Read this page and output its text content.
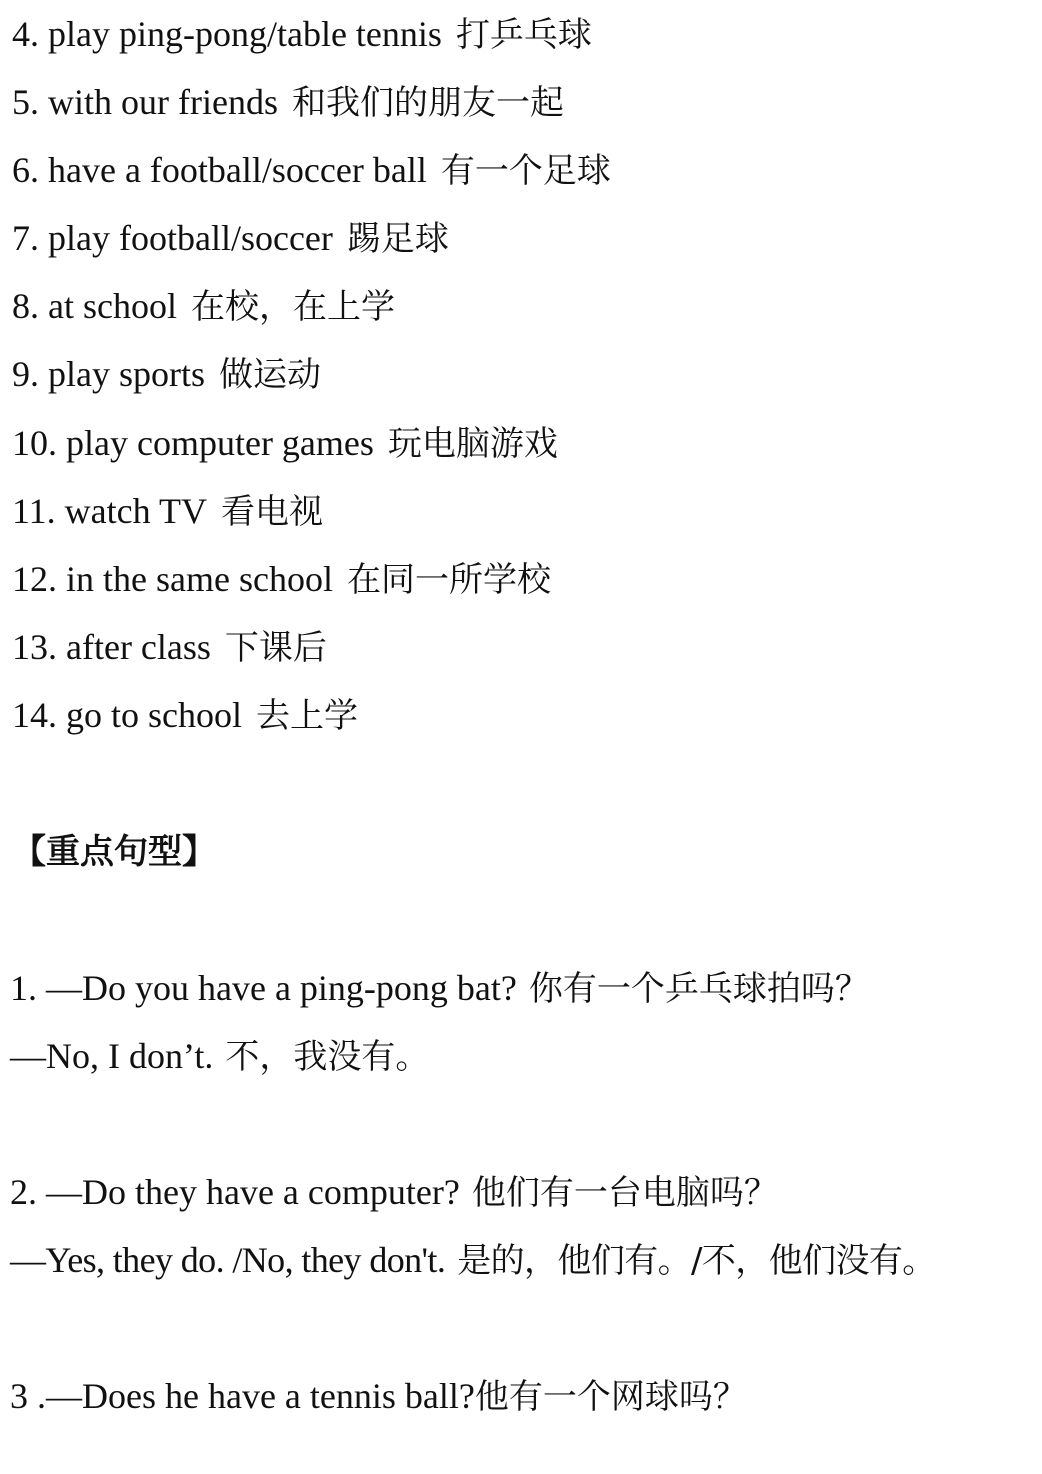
4. play ping-pong/table tennis 打乒乓球
5. with our friends 和我们的朋友一起
6. have a football/soccer ball 有一个足球
7. play football/soccer 踢足球
8. at school 在校，在上学
9. play sports 做运动
10. play computer games 玩电脑游戏
11. watch TV 看电视
12. in the same school 在同一所学校
13. after class 下课后
14. go to school 去上学
【重点句型】
1. —Do you have a ping-pong bat? 你有一个乒乓球拍吗？
—No, I don’t. 不，我没有。
2. —Do they have a computer? 他们有一台电脑吗？
—Yes, they do. /No, they don't. 是的，他们有。/不，他们没有。
3 .—Does he have a tennis ball?他有一个网球吗？
